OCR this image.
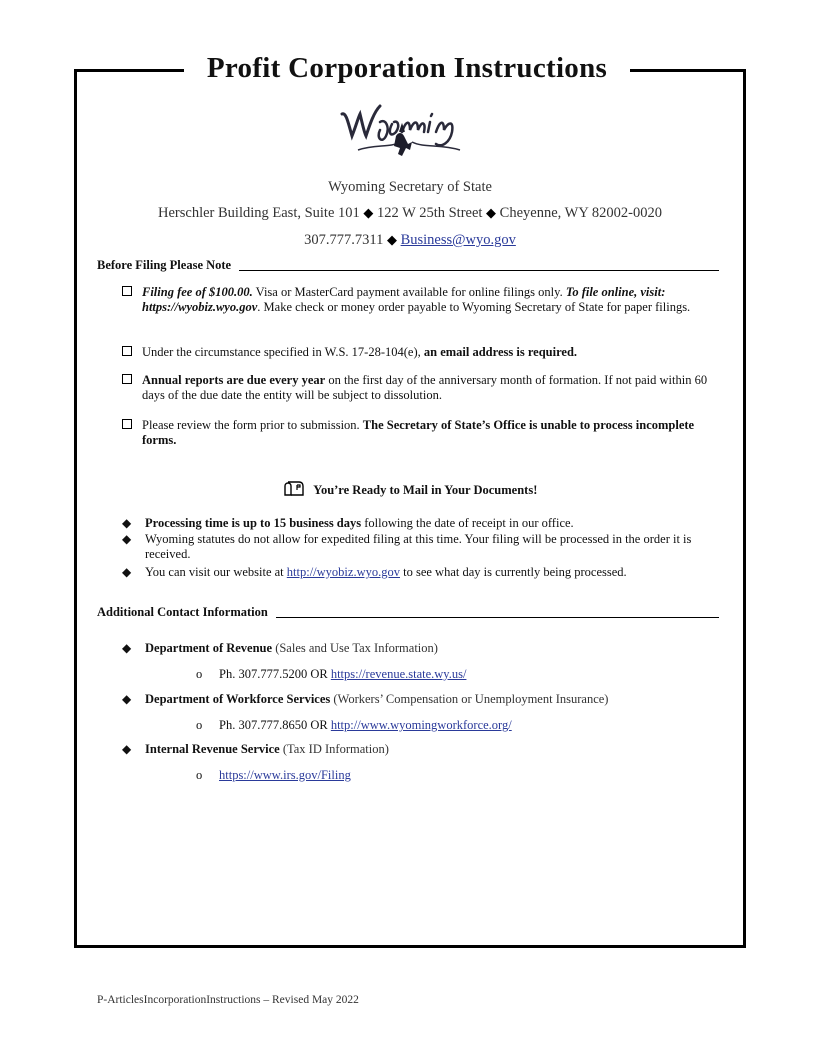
Profit Corporation Instructions
Wyoming Secretary of State
Herschler Building East, Suite 101 ◆ 122 W 25th Street ◆ Cheyenne, WY 82002-0020
307.777.7311 ◆ Business@wyo.gov
Before Filing Please Note
Filing fee of $100.00. Visa or MasterCard payment available for online filings only. To file online, visit: https://wyobiz.wyo.gov. Make check or money order payable to Wyoming Secretary of State for paper filings.
Under the circumstance specified in W.S. 17-28-104(e), an email address is required.
Annual reports are due every year on the first day of the anniversary month of formation. If not paid within 60 days of the due date the entity will be subject to dissolution.
Please review the form prior to submission. The Secretary of State’s Office is unable to process incomplete forms.
You’re Ready to Mail in Your Documents!
◆	Processing time is up to 15 business days following the date of receipt in our office.
◆	Wyoming statutes do not allow for expedited filing at this time. Your filing will be processed in the order it is received.
◆	You can visit our website at http://wyobiz.wyo.gov to see what day is currently being processed.
Additional Contact Information
◆	Department of Revenue (Sales and Use Tax Information)
o	Ph. 307.777.5200 OR https://revenue.state.wy.us/
◆	Department of Workforce Services (Workers’ Compensation or Unemployment Insurance)
o	Ph. 307.777.8650 OR http://www.wyomingworkforce.org/
◆	Internal Revenue Service (Tax ID Information)
o	https://www.irs.gov/Filing
P-ArticlesIncorporationInstructions – Revised May 2022
